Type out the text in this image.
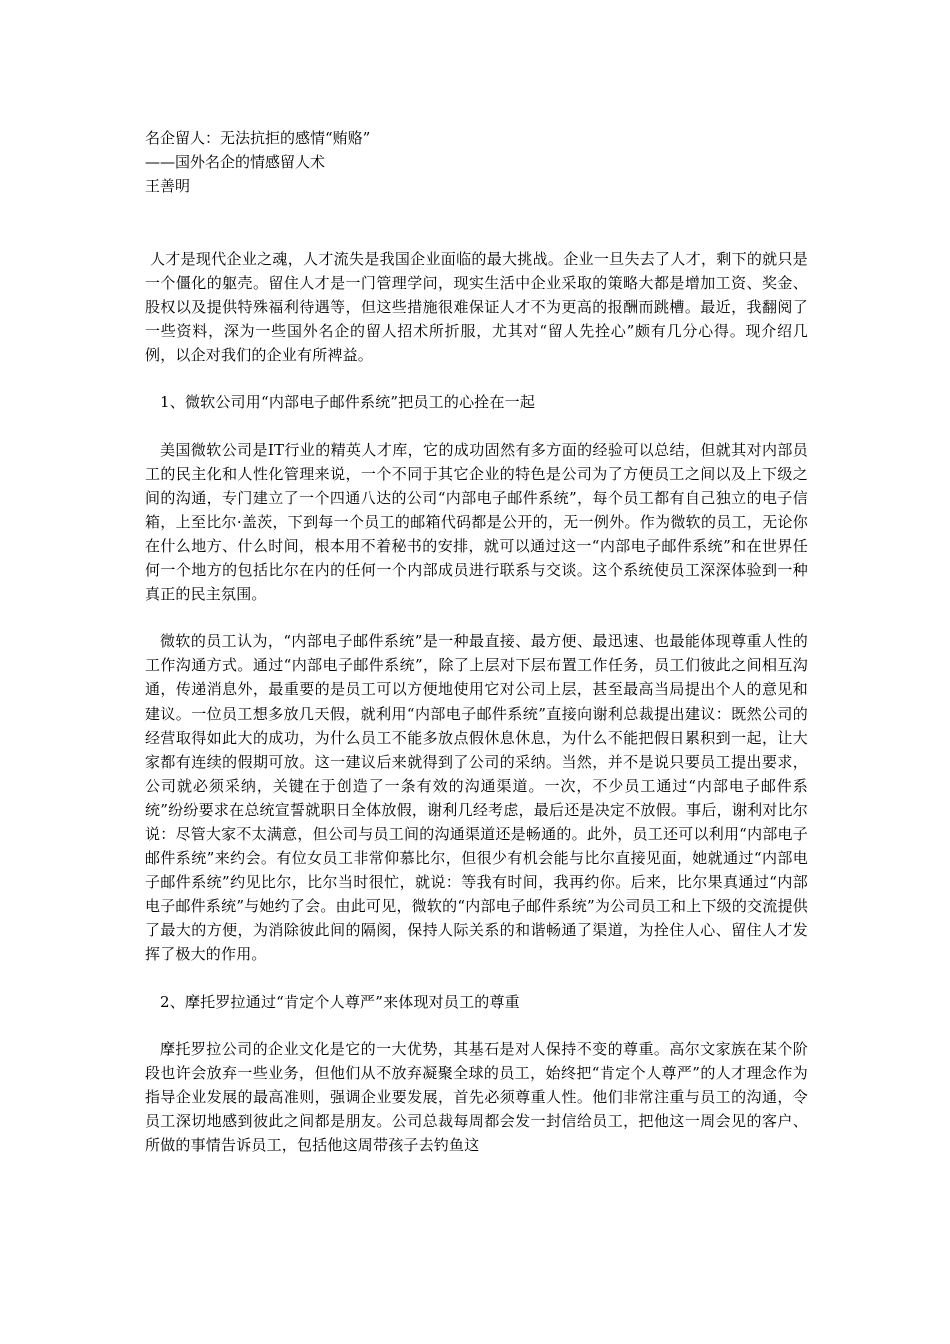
名企留人：无法抗拒的感情“贿赂”
——国外名企的情感留人术
王善明

人才是现代企业之魂，人才流失是我国企业面临的最大挑战。企业一旦失去了人才，剩下的就只是一个僵化的躯壳。留住人才是一门管理学问，现实生活中企业采取的策略大都是增加工资、奖金、股权以及提供特殊福利待遇等，但这些措施很难保证人才不为更高的报酬而跳槽。最近，我翻阅了一些资料，深为一些国外名企的留人招术所折服，尤其对“留人先拴心”颇有几分心得。现介绍几例，以企对我们的企业有所裨益。

1、微软公司用“内部电子邮件系统”把员工的心拴在一起

美国微软公司是IT行业的精英人才库，它的成功固然有多方面的经验可以总结，但就其对内部员工的民主化和人性化管理来说，一个不同于其它企业的特色是公司为了方便员工之间以及上下级之间的沟通，专门建立了一个四通八达的公司“内部电子邮件系统”，每个员工都有自己独立的电子信箱，上至比尔·盖茨，下到每一个员工的邮箱代码都是公开的，无一例外。作为微软的员工，无论你在什么地方、什么时间，根本用不着秘书的安排，就可以通过这一“内部电子邮件系统”和在世界任何一个地方的包括比尔在内的任何一个内部成员进行联系与交谈。这个系统使员工深深体验到一种真正的民主氛围。

微软的员工认为，“内部电子邮件系统”是一种最直接、最方便、最迅速、也最能体现尊重人性的工作沟通方式。通过“内部电子邮件系统”，除了上层对下层布置工作任务，员工们彼此之间相互沟通，传递消息外，最重要的是员工可以方便地使用它对公司上层，甚至最高当局提出个人的意见和建议。一位员工想多放几天假，就利用“内部电子邮件系统”直接向谢利总裁提出建议：既然公司的经营取得如此大的成功，为什么员工不能多放点假休息休息，为什么不能把假日累积到一起，让大家都有连续的假期可放。这一建议后来就得到了公司的采纳。当然，并不是说只要员工提出要求，公司就必须采纳，关键在于创造了一条有效的沟通渠道。一次，不少员工通过“内部电子邮件系统”纷纷要求在总统宣誓就职日全体放假，谢利几经考虑，最后还是决定不放假。事后，谢利对比尔说：尽管大家不太满意，但公司与员工间的沟通渠道还是畅通的。此外，员工还可以利用“内部电子邮件系统”来约会。有位女员工非常仰慕比尔，但很少有机会能与比尔直接见面，她就通过“内部电子邮件系统”约见比尔，比尔当时很忙，就说：等我有时间，我再约你。后来，比尔果真通过“内部电子邮件系统”与她约了会。由此可见，微软的“内部电子邮件系统”为公司员工和上下级的交流提供了最大的方便，为消除彼此间的隔阂，保持人际关系的和谐畅通了渠道，为拴住人心、留住人才发挥了极大的作用。

2、摩托罗拉通过“肯定个人尊严”来体现对员工的尊重

摩托罗拉公司的企业文化是它的一大优势，其基石是对人保持不变的尊重。高尔文家族在某个阶段也许会放弃一些业务，但他们从不放弃凝聚全球的员工，始终把“肯定个人尊严”的人才理念作为指导企业发展的最高准则，强调企业要发展，首先必须尊重人性。他们非常注重与员工的沟通，令员工深切地感到彼此之间都是朋友。公司总裁每周都会发一封信给员工，把他这一周会见的客户、所做的事情告诉员工，包括他这周带孩子去钓鱼这
